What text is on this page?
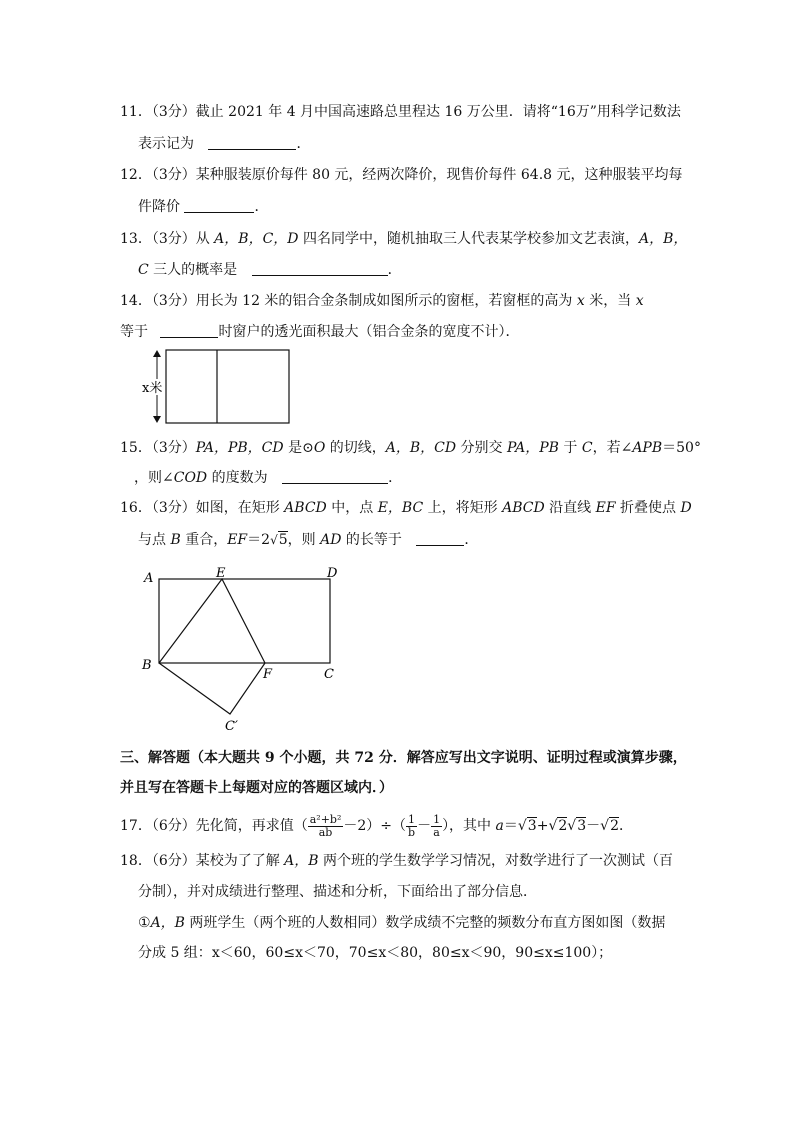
11．（3分）截止 2021 年 4 月中国高速路总里程达 16 万公里．请将“16万”用科学记数法
表示记为	．
12．（3分）某种服装原价每件 80 元，经两次降价，现售价每件 64.8 元，这种服装平均每
件降价	．
13．（3分）从 A，B，C，D 四名同学中，随机抽取三人代表某学校参加文艺表演，A，B，
C 三人的概率是	．
14．（3分）用长为 12 米的铝合金条制成如图所示的窗框，若窗框的高为 x 米，当 x
等于	时窗户的透光面积最大（铝合金条的宽度不计）．
x米
15．（3分）PA，PB，CD 是⊙O 的切线，A，B，CD 分别交 PA，PB 于 C，若∠APB＝50°
，则∠COD 的度数为	．
16．（3分）如图，在矩形 ABCD 中，点 E，BC 上，将矩形 ABCD 沿直线 EF 折叠使点 D
与点 B 重合，EF＝2√5，则 AD 的长等于	．
A	E	D
B
F	C
C′
三、解答题（本大题共 9 个小题，共 72 分．解答应写出文字说明、证明过程或演算步骤，
并且写在答题卡上每题对应的答题区域内．）
17．（6分）先化简，再求值（ $\frac{\text{a²+b²}}{ab} -2)\div( \frac{1}{b} - \frac{1}{a}$ ），其中 a＝√3+√2√3－√2．
18．（6分）某校为了了解 A，B 两个班的学生数学学习情况，对数学进行了一次测试（百
分制），并对成绩进行整理、描述和分析，下面给出了部分信息．
①A，B 两班学生（两个班的人数相同）数学成绩不完整的频数分布直方图如图（数据
分成 5 组：x＜60，60≤x＜70，70≤x＜80，80≤x＜90，90≤x≤100）；
